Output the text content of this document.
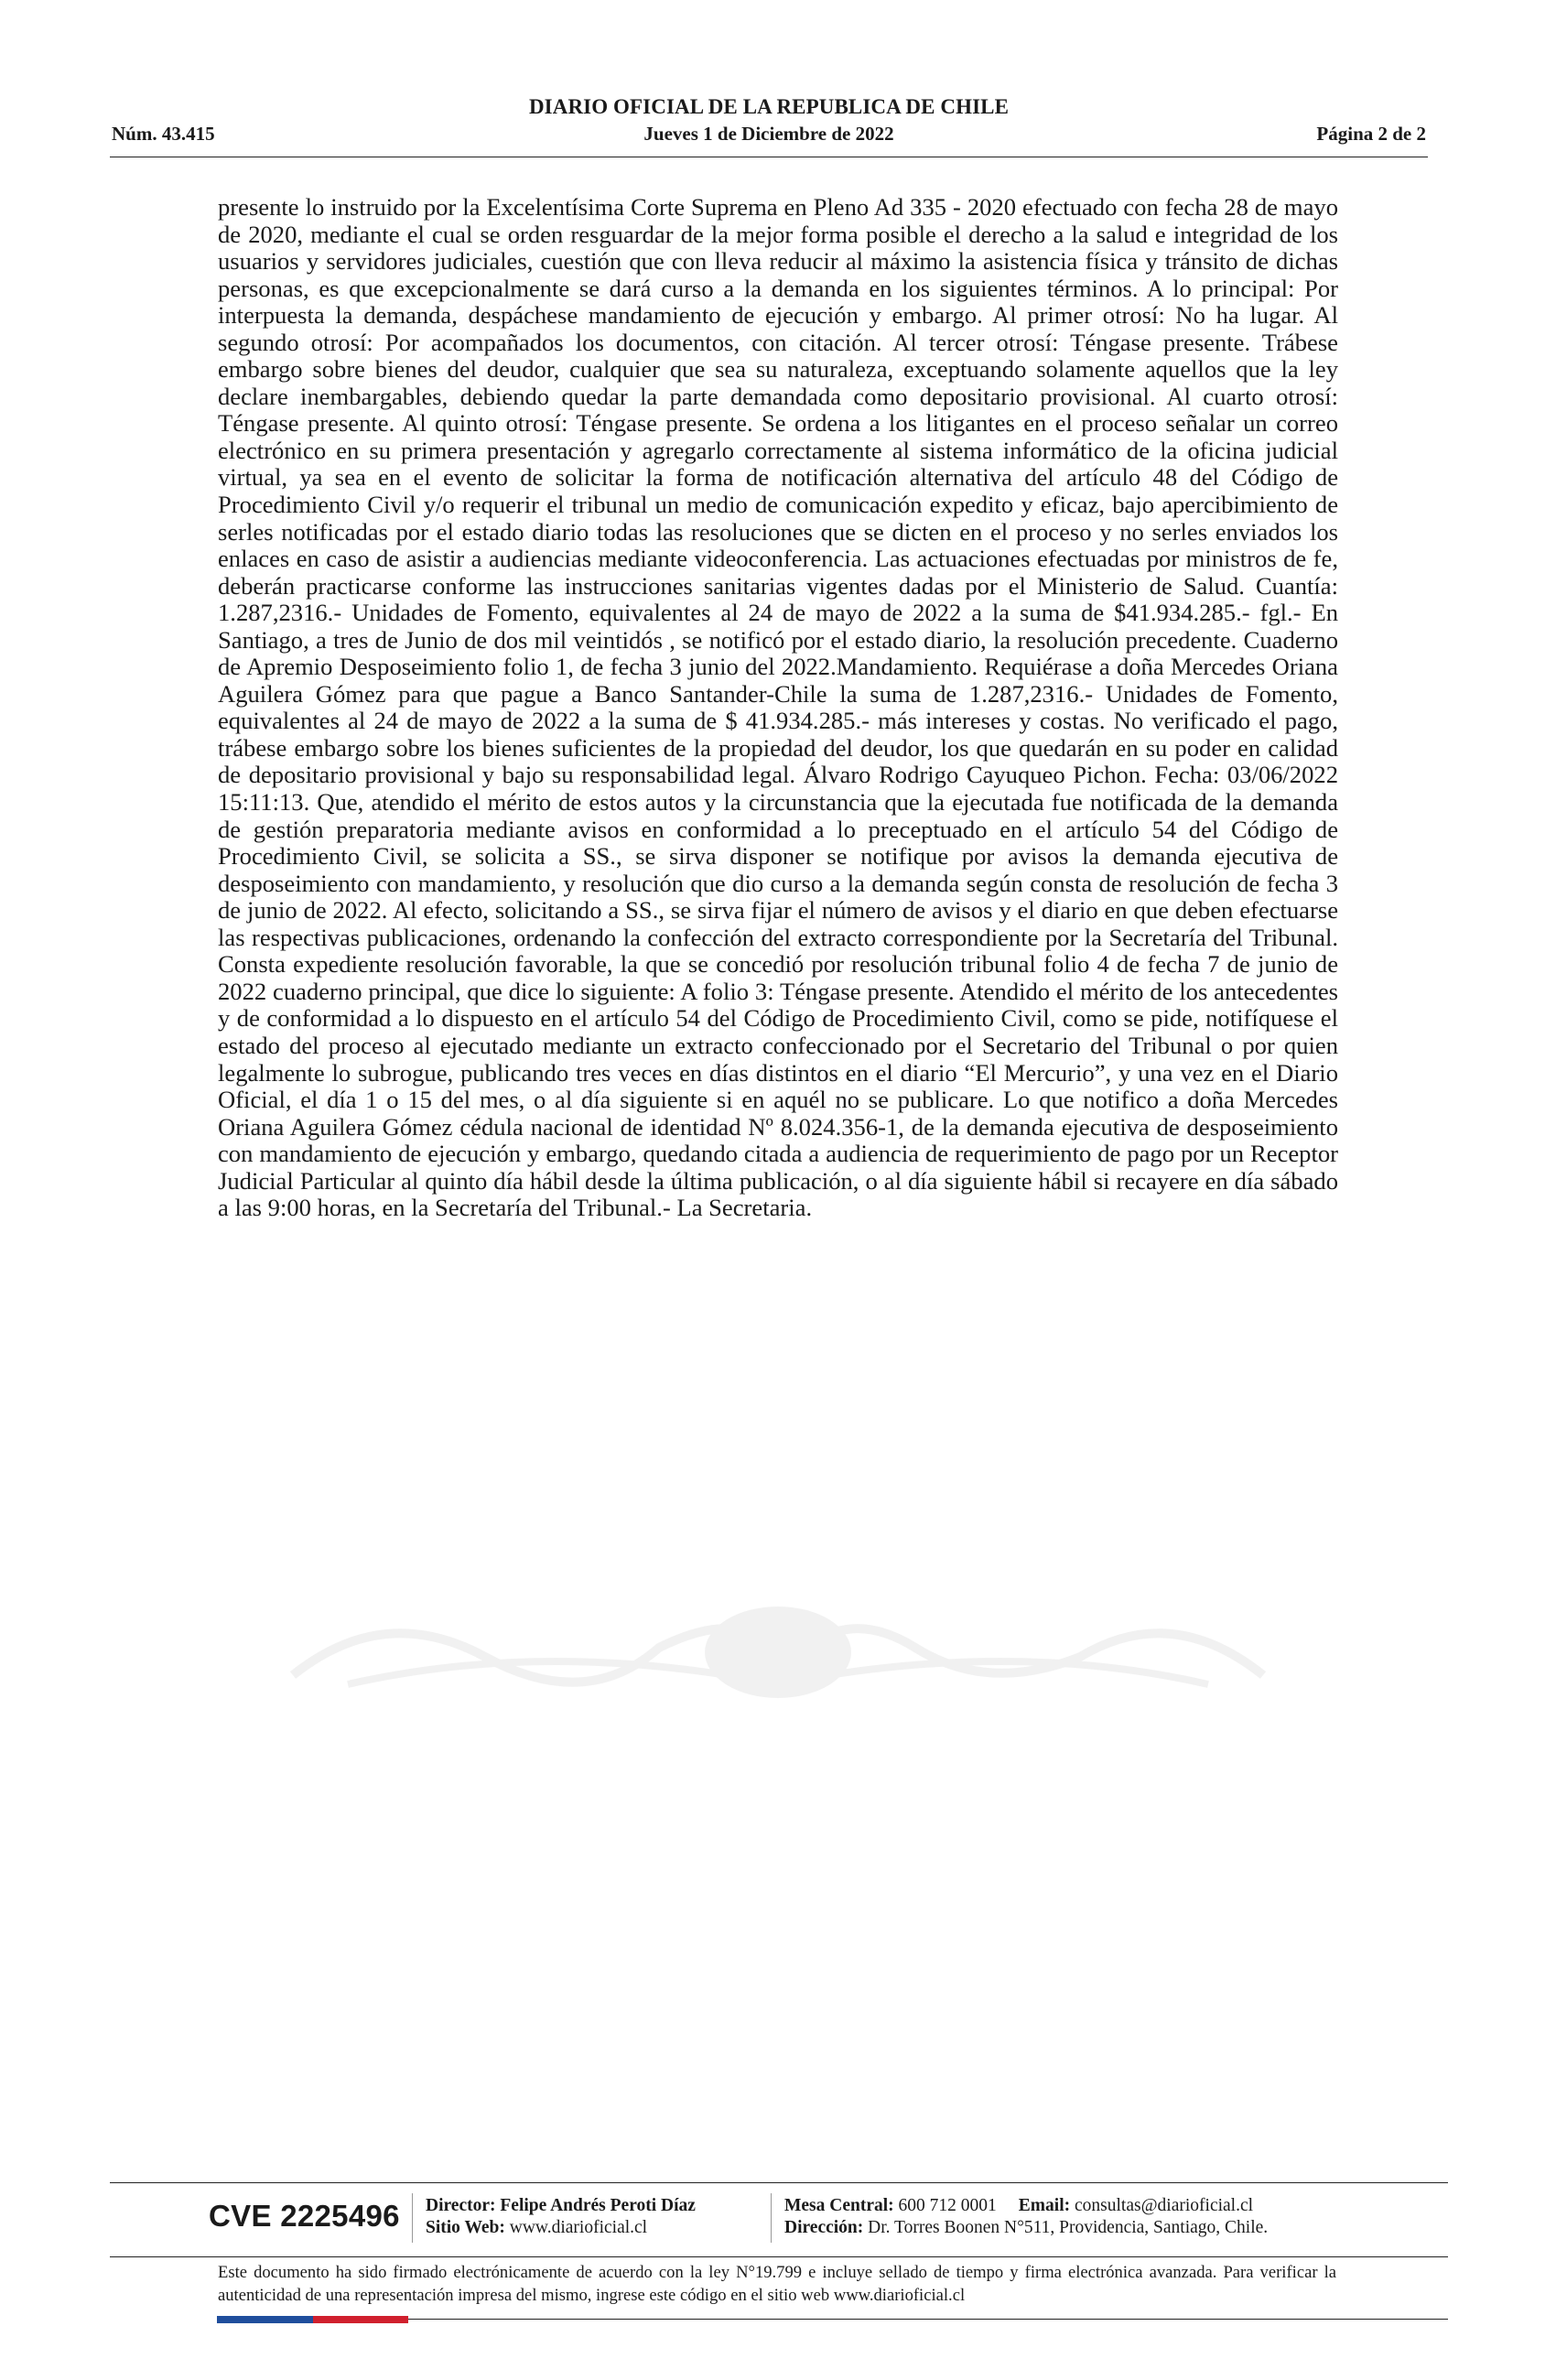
DIARIO OFICIAL DE LA REPUBLICA DE CHILE
Núm. 43.415	Jueves 1 de Diciembre de 2022	Página 2 de 2
presente lo instruido por la Excelentísima Corte Suprema en Pleno Ad 335 - 2020 efectuado con fecha 28 de mayo de 2020, mediante el cual se orden resguardar de la mejor forma posible el derecho a la salud e integridad de los usuarios y servidores judiciales, cuestión que con lleva reducir al máximo la asistencia física y tránsito de dichas personas, es que excepcionalmente se dará curso a la demanda en los siguientes términos. A lo principal: Por interpuesta la demanda, despáchese mandamiento de ejecución y embargo. Al primer otrosí: No ha lugar. Al segundo otrosí: Por acompañados los documentos, con citación. Al tercer otrosí: Téngase presente. Trábese embargo sobre bienes del deudor, cualquier que sea su naturaleza, exceptuando solamente aquellos que la ley declare inembargables, debiendo quedar la parte demandada como depositario provisional. Al cuarto otrosí: Téngase presente. Al quinto otrosí: Téngase presente. Se ordena a los litigantes en el proceso señalar un correo electrónico en su primera presentación y agregarlo correctamente al sistema informático de la oficina judicial virtual, ya sea en el evento de solicitar la forma de notificación alternativa del artículo 48 del Código de Procedimiento Civil y/o requerir el tribunal un medio de comunicación expedito y eficaz, bajo apercibimiento de serles notificadas por el estado diario todas las resoluciones que se dicten en el proceso y no serles enviados los enlaces en caso de asistir a audiencias mediante videoconferencia. Las actuaciones efectuadas por ministros de fe, deberán practicarse conforme las instrucciones sanitarias vigentes dadas por el Ministerio de Salud. Cuantía: 1.287,2316.- Unidades de Fomento, equivalentes al 24 de mayo de 2022 a la suma de $41.934.285.- fgl.- En Santiago, a tres de Junio de dos mil veintidós , se notificó por el estado diario, la resolución precedente. Cuaderno de Apremio Desposeimiento folio 1, de fecha 3 junio del 2022.Mandamiento. Requiérase a doña Mercedes Oriana Aguilera Gómez para que pague a Banco Santander-Chile la suma de 1.287,2316.- Unidades de Fomento, equivalentes al 24 de mayo de 2022 a la suma de $ 41.934.285.- más intereses y costas. No verificado el pago, trábese embargo sobre los bienes suficientes de la propiedad del deudor, los que quedarán en su poder en calidad de depositario provisional y bajo su responsabilidad legal. Álvaro Rodrigo Cayuqueo Pichon. Fecha: 03/06/2022 15:11:13. Que, atendido el mérito de estos autos y la circunstancia que la ejecutada fue notificada de la demanda de gestión preparatoria mediante avisos en conformidad a lo preceptuado en el artículo 54 del Código de Procedimiento Civil, se solicita a SS., se sirva disponer se notifique por avisos la demanda ejecutiva de desposeimiento con mandamiento, y resolución que dio curso a la demanda según consta de resolución de fecha 3 de junio de 2022. Al efecto, solicitando a SS., se sirva fijar el número de avisos y el diario en que deben efectuarse las respectivas publicaciones, ordenando la confección del extracto correspondiente por la Secretaría del Tribunal. Consta expediente resolución favorable, la que se concedió por resolución tribunal folio 4 de fecha 7 de junio de 2022 cuaderno principal, que dice lo siguiente: A folio 3: Téngase presente. Atendido el mérito de los antecedentes y de conformidad a lo dispuesto en el artículo 54 del Código de Procedimiento Civil, como se pide, notifíquese el estado del proceso al ejecutado mediante un extracto confeccionado por el Secretario del Tribunal o por quien legalmente lo subrogue, publicando tres veces en días distintos en el diario “El Mercurio”, y una vez en el Diario Oficial, el día 1 o 15 del mes, o al día siguiente si en aquél no se publicare. Lo que notifico a doña Mercedes Oriana Aguilera Gómez cédula nacional de identidad Nº 8.024.356-1, de la demanda ejecutiva de desposeimiento con mandamiento de ejecución y embargo, quedando citada a audiencia de requerimiento de pago por un Receptor Judicial Particular al quinto día hábil desde la última publicación, o al día siguiente hábil si recayere en día sábado a las 9:00 horas, en la Secretaría del Tribunal.- La Secretaria.
CVE 2225496 Director: Felipe Andrés Peroti Díaz
Sitio Web: www.diarioficial.cl
Mesa Central: 600 712 0001 Email: consultas@diarioficial.cl
Dirección: Dr. Torres Boonen N°511, Providencia, Santiago, Chile.
Este documento ha sido firmado electrónicamente de acuerdo con la ley N°19.799 e incluye sellado de tiempo y firma electrónica avanzada. Para verificar la autenticidad de una representación impresa del mismo, ingrese este código en el sitio web www.diarioficial.cl
